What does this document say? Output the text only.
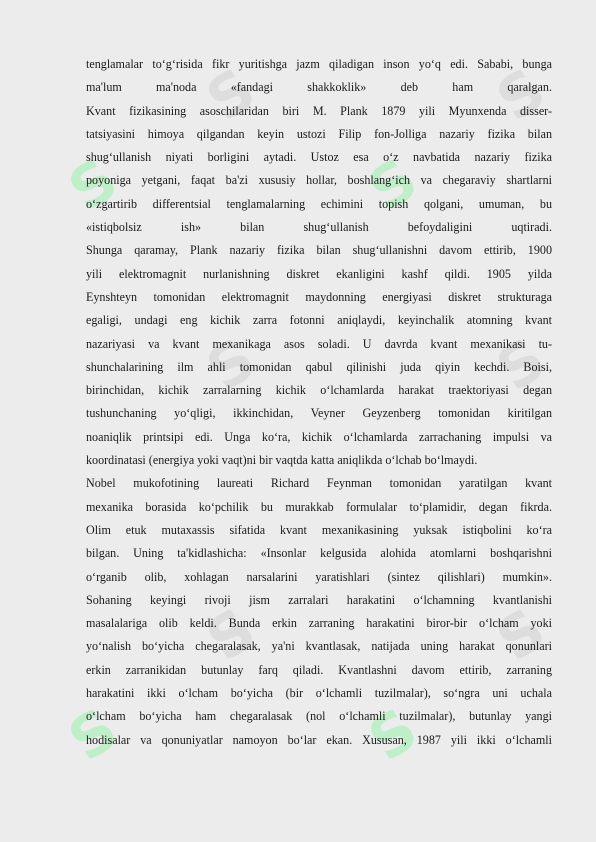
S	S
S	S
S	S
S	S
S	S
tenglamalar to‘g‘risida fikr yuritishga jazm qiladigan inson yo‘q edi. Sababi, bunga
ma'lum ma'noda «fandagi shakkoklik» deb ham qaralgan.
Kvant fizikasining asoschilaridan biri M. Plank 1879 yili Myunxenda disser-
tatsiyasini himoya qilgandan keyin ustozi Filip fon-Jolliga nazariy fizika bilan
shug‘ullanish niyati borligini aytadi. Ustoz esa o‘z navbatida nazariy fizika
poyoniga yetgani, faqat ba'zi xususiy hollar, boshlang‘ich va chegaraviy shartlarni
o‘zgartirib differentsial tenglamalarning echimini topish qolgani, umuman, bu
«istiqbolsiz ish» bilan shug‘ullanish befoydaligini uqtiradi.
Shunga qaramay, Plank nazariy fizika bilan shug‘ullanishni davom ettirib, 1900
yili elektromagnit nurlanishning diskret ekanligini kashf qildi. 1905 yilda
Eynshteyn tomonidan elektromagnit maydonning energiyasi diskret strukturaga
egaligi, undagi eng kichik zarra fotonni aniqlaydi, keyinchalik atomning kvant
nazariyasi va kvant mexanikaga asos soladi. U davrda kvant mexanikasi tu-
shunchalarining ilm ahli tomonidan qabul qilinishi juda qiyin kechdi. Boisi,
birinchidan, kichik zarralarning kichik o‘lchamlarda harakat traektoriyasi degan
tushunchaning yo‘qligi, ikkinchidan, Veyner Geyzenberg tomonidan kiritilgan
noaniqlik printsipi edi. Unga ko‘ra, kichik o‘lchamlarda zarrachaning impulsi va
koordinatasi (energiya yoki vaqt)ni bir vaqtda katta aniqlikda o‘lchab bo‘lmaydi.
Nobel mukofotining laureati Richard Feynman tomonidan yaratilgan kvant
mexanika borasida ko‘pchilik bu murakkab formulalar to‘plamidir, degan fikrda.
Olim etuk mutaxassis sifatida kvant mexanikasining yuksak istiqbolini ko‘ra
bilgan. Uning ta'kidlashicha: «Insonlar kelgusida alohida atomlarni boshqarishni
o‘rganib olib, xohlagan narsalarini yaratishlari (sintez qilishlari) mumkin».
Sohaning keyingi rivoji jism zarralari harakatini o‘lchamning kvantlanishi
masalalariga olib keldi. Bunda erkin zarraning harakatini biror-bir o‘lcham yoki
yo‘nalish bo‘yicha chegaralasak, ya'ni kvantlasak, natijada uning harakat qonunlari
erkin zarranikidan butunlay farq qiladi. Kvantlashni davom ettirib, zarraning
harakatini ikki o‘lcham bo‘yicha (bir o‘lchamli tuzilmalar), so‘ngra uni uchala
o‘lcham bo‘yicha ham chegaralasak (nol o‘lchamli tuzilmalar), butunlay yangi
hodisalar va qonuniyatlar namoyon bo‘lar ekan. Xususan, 1987 yili ikki o‘lchamli
